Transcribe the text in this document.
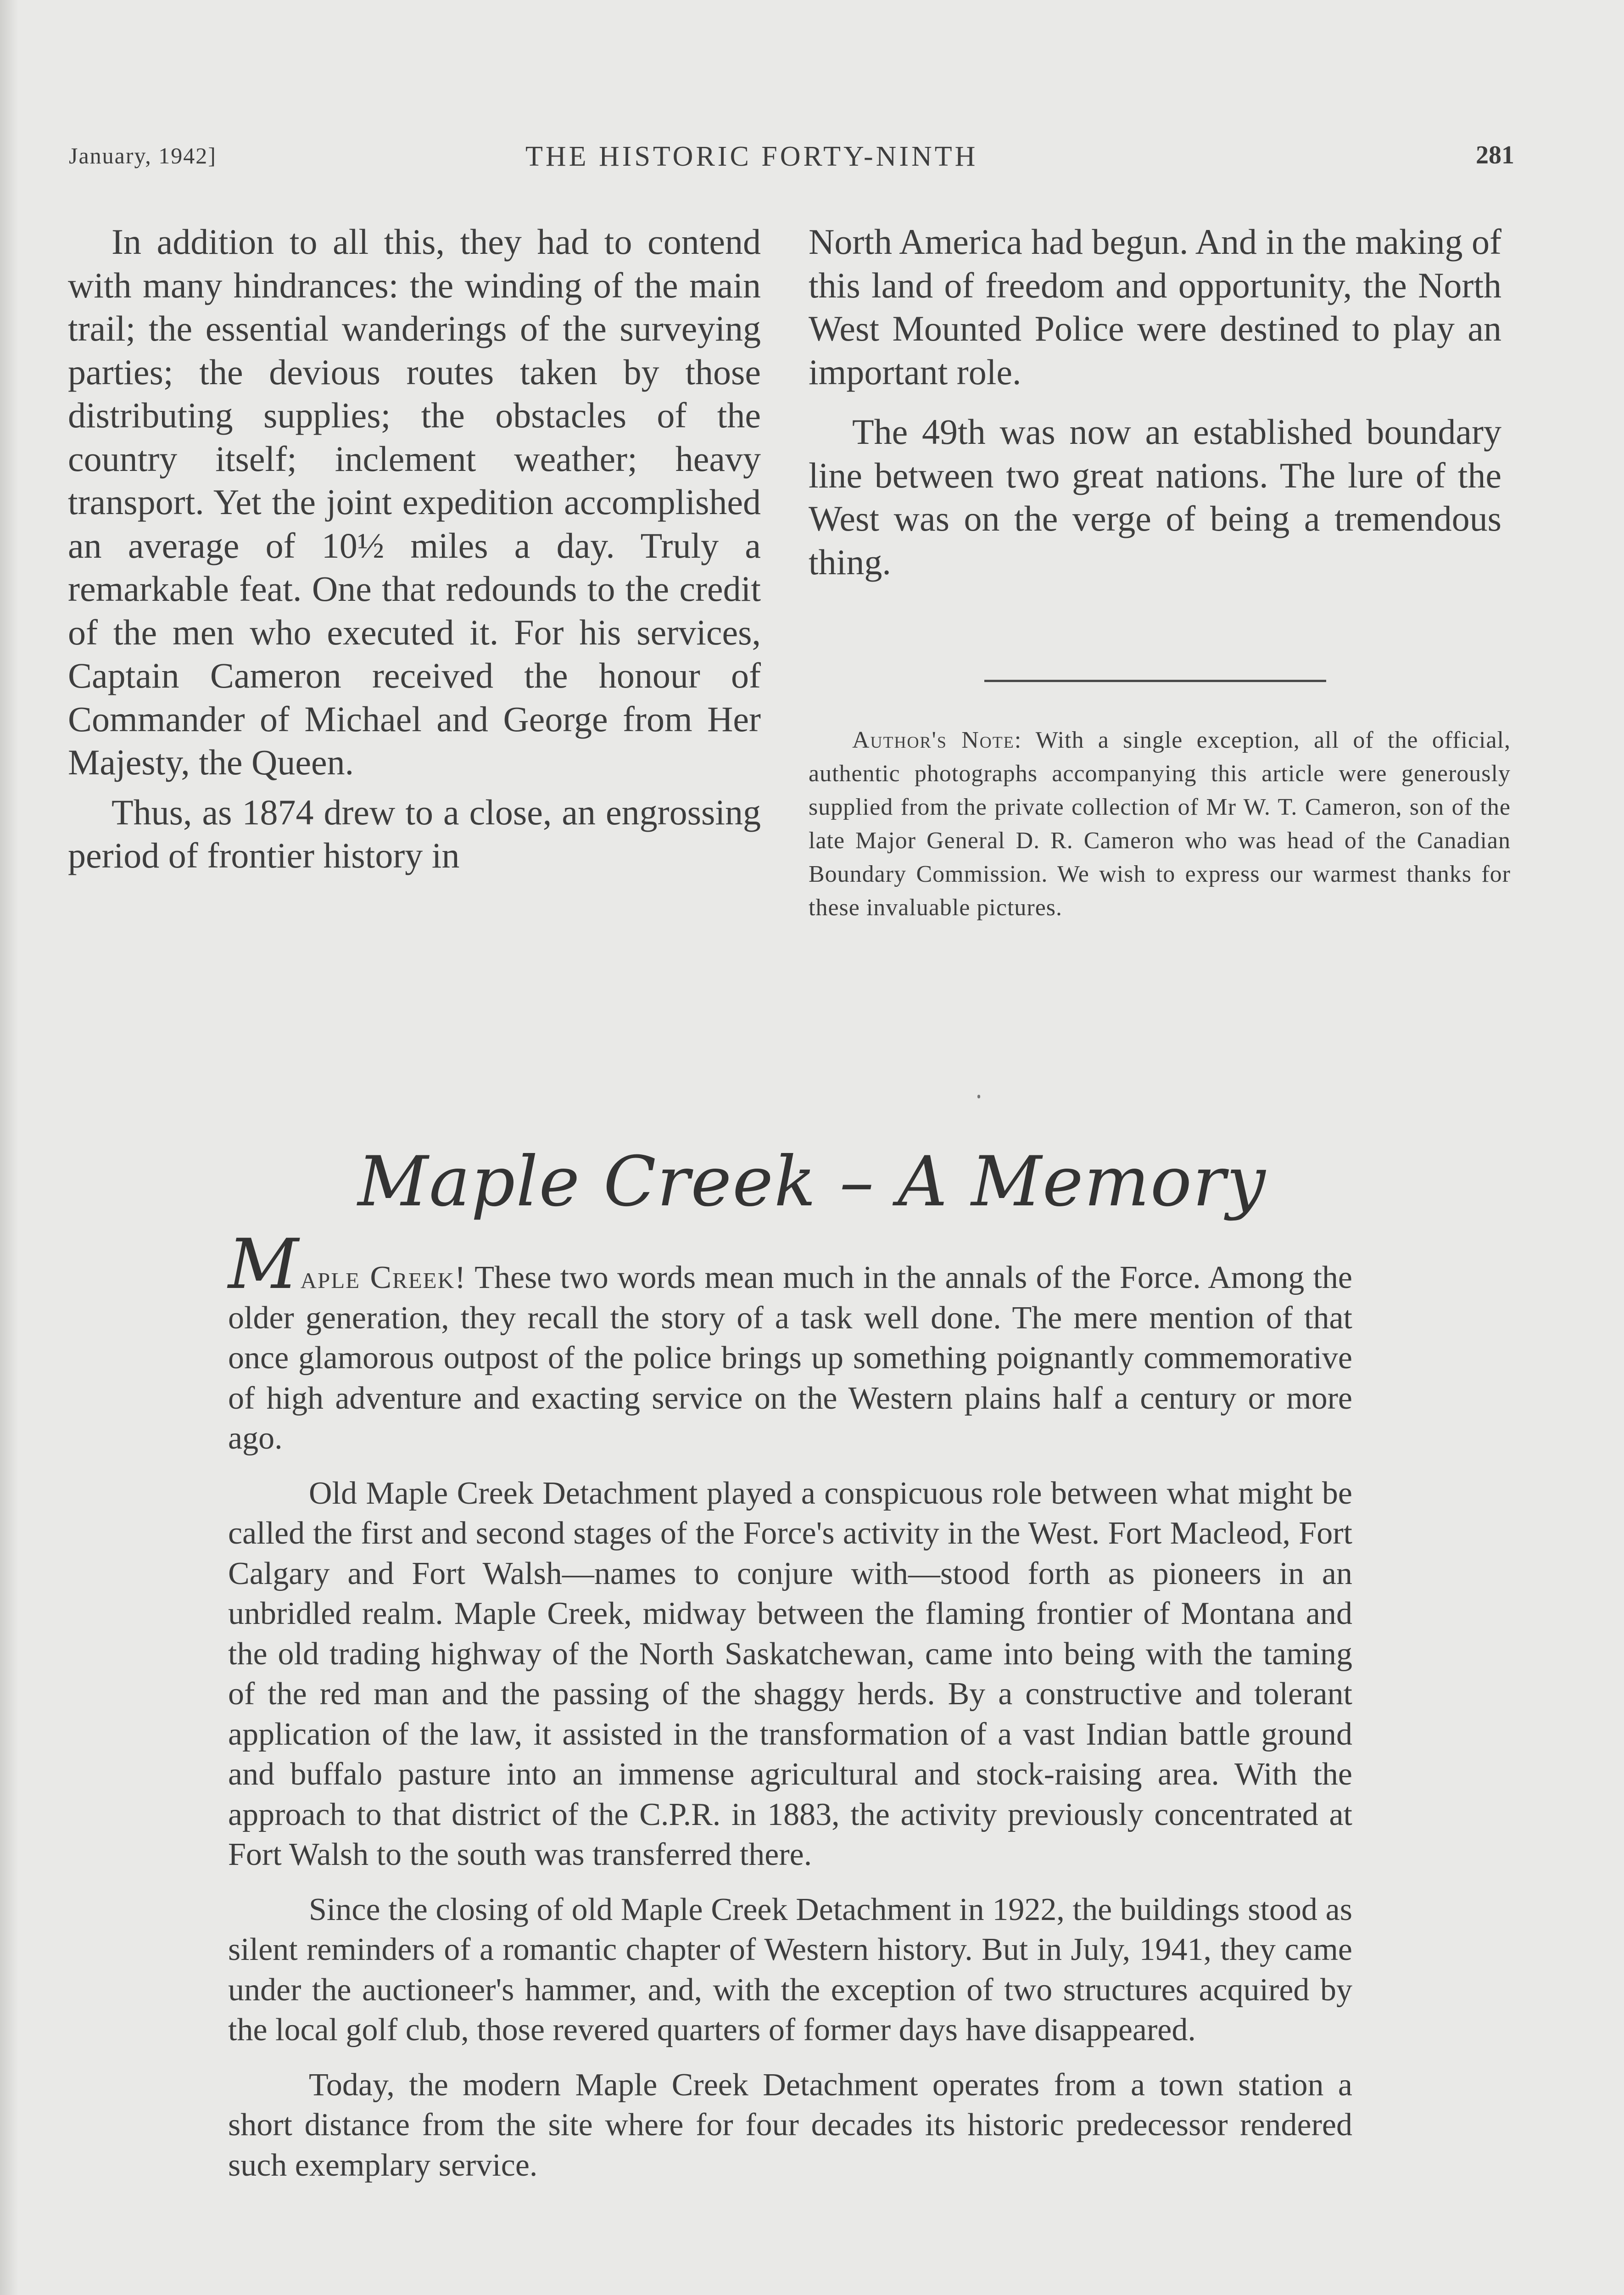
January, 1942]	THE HISTORIC FORTY-NINTH	281

In addition to all this, they had to contend with many hindrances: the winding of the main trail; the essential wanderings of the surveying parties; the devious routes taken by those distributing supplies; the obstacles of the country itself; inclement weather; heavy transport. Yet the joint expedition accomplished an average of 10½ miles a day. Truly a remarkable feat. One that redounds to the credit of the men who executed it. For his services, Captain Cameron received the honour of Commander of Michael and George from Her Majesty, the Queen.

Thus, as 1874 drew to a close, an engrossing period of frontier history in

North America had begun. And in the making of this land of freedom and opportunity, the North West Mounted Police were destined to play an important role.

The 49th was now an established boundary line between two great nations. The lure of the West was on the verge of being a tremendous thing.

Author's Note: With a single exception, all of the official, authentic photographs accompanying this article were generously supplied from the private collection of Mr W. T. Cameron, son of the late Major General D. R. Cameron who was head of the Canadian Boundary Commission. We wish to express our warmest thanks for these invaluable pictures.

Maple Creek – A Memory

Maple Creek! These two words mean much in the annals of the Force. Among the older generation, they recall the story of a task well done. The mere mention of that once glamorous outpost of the police brings up something poignantly commemorative of high adventure and exacting service on the Western plains half a century or more ago.

Old Maple Creek Detachment played a conspicuous role between what might be called the first and second stages of the Force's activity in the West. Fort Macleod, Fort Calgary and Fort Walsh—names to conjure with—stood forth as pioneers in an unbridled realm. Maple Creek, midway between the flaming frontier of Montana and the old trading highway of the North Saskatchewan, came into being with the taming of the red man and the passing of the shaggy herds. By a constructive and tolerant application of the law, it assisted in the transformation of a vast Indian battle ground and buffalo pasture into an immense agricultural and stock-raising area. With the approach to that district of the C.P.R. in 1883, the activity previously concentrated at Fort Walsh to the south was transferred there.

Since the closing of old Maple Creek Detachment in 1922, the buildings stood as silent reminders of a romantic chapter of Western history. But in July, 1941, they came under the auctioneer's hammer, and, with the exception of two structures acquired by the local golf club, those revered quarters of former days have disappeared.

Today, the modern Maple Creek Detachment operates from a town station a short distance from the site where for four decades its historic predecessor rendered such exemplary service.
